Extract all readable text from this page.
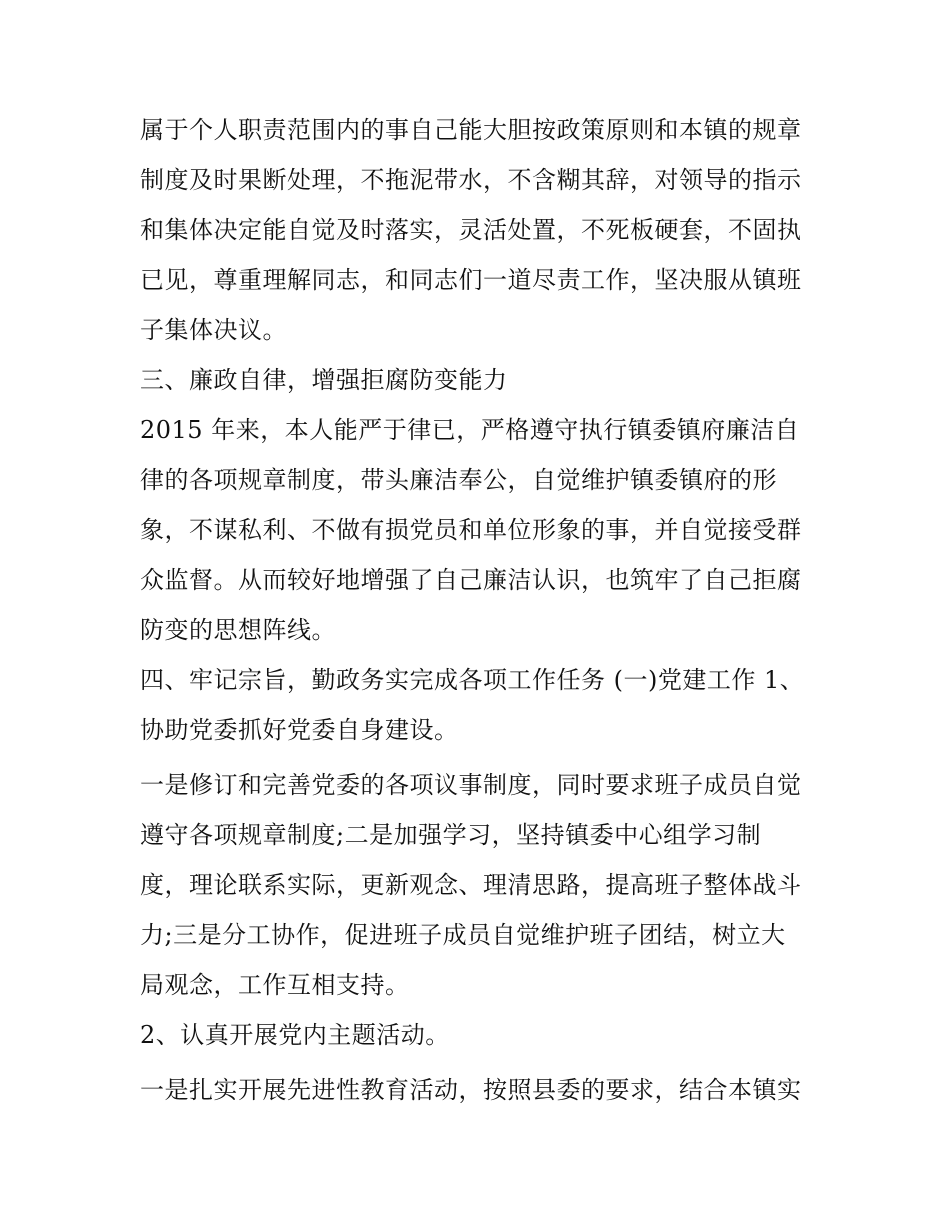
属于个人职责范围内的事自己能大胆按政策原则和本镇的规章
制度及时果断处理，不拖泥带水，不含糊其辞，对领导的指示
和集体决定能自觉及时落实，灵活处置，不死板硬套，不固执
已见，尊重理解同志，和同志们一道尽责工作，坚决服从镇班
子集体决议。
三、廉政自律，增强拒腐防变能力
2015 年来，本人能严于律已，严格遵守执行镇委镇府廉洁自
律的各项规章制度，带头廉洁奉公，自觉维护镇委镇府的形
象，不谋私利、不做有损党员和单位形象的事，并自觉接受群
众监督。从而较好地增强了自己廉洁认识，也筑牢了自己拒腐
防变的思想阵线。
四、牢记宗旨，勤政务实完成各项工作任务 (一)党建工作 1、
协助党委抓好党委自身建设。
一是修订和完善党委的各项议事制度，同时要求班子成员自觉
遵守各项规章制度;二是加强学习，坚持镇委中心组学习制
度，理论联系实际，更新观念、理清思路，提高班子整体战斗
力;三是分工协作，促进班子成员自觉维护班子团结，树立大
局观念，工作互相支持。
2、认真开展党内主题活动。
一是扎实开展先进性教育活动，按照县委的要求，结合本镇实
